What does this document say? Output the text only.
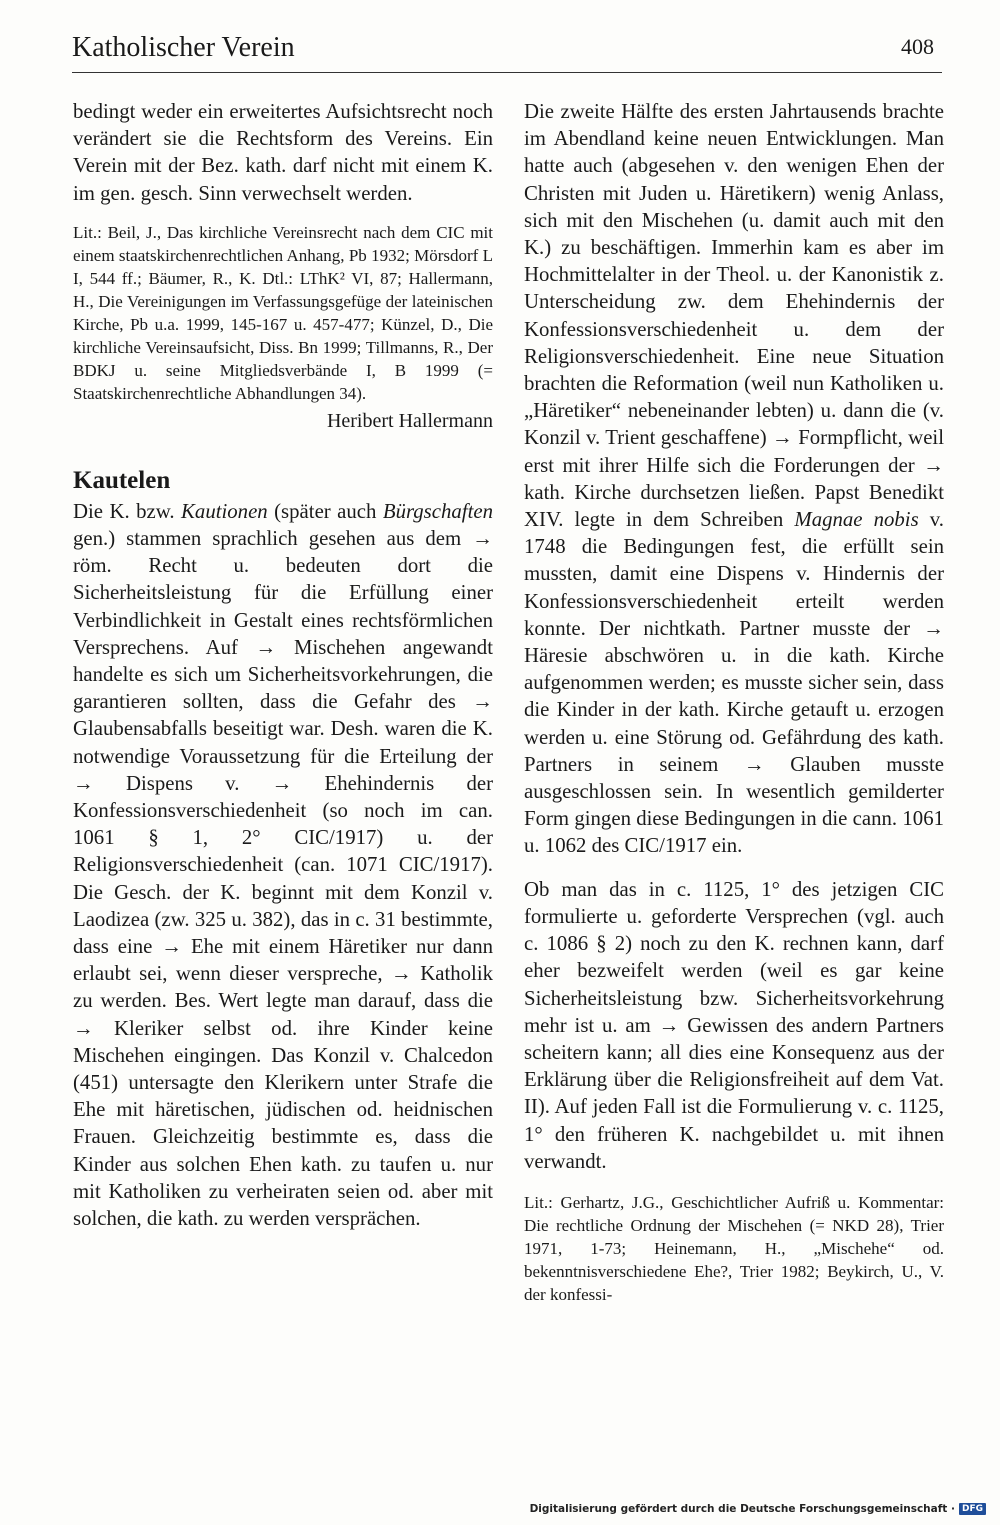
Katholischer Verein	408

bedingt weder ein erweitertes Aufsichtsrecht noch verändert sie die Rechtsform des Vereins. Ein Verein mit der Bez. kath. darf nicht mit einem K. im gen. gesch. Sinn verwechselt werden.

Lit.: Beil, J., Das kirchliche Vereinsrecht nach dem CIC mit einem staatskirchenrechtlichen Anhang, Pb 1932; Mörsdorf L I, 544 ff.; Bäumer, R., K. Dtl.: LThK² VI, 87; Hallermann, H., Die Vereinigungen im Verfassungsgefüge der lateinischen Kirche, Pb u.a. 1999, 145-167 u. 457-477; Künzel, D., Die kirchliche Vereinsaufsicht, Diss. Bn 1999; Tillmanns, R., Der BDKJ u. seine Mitgliedsverbände I, B 1999 (= Staatskirchenrechtliche Abhandlungen 34).

Heribert Hallermann
Kautelen

Die K. bzw. Kautionen (später auch Bürgschaften gen.) stammen sprachlich gesehen aus dem → röm. Recht u. bedeuten dort die Sicherheitsleistung für die Erfüllung einer Verbindlichkeit in Gestalt eines rechtsförmlichen Versprechens. Auf → Mischehen angewandt handelte es sich um Sicherheitsvorkehrungen, die garantieren sollten, dass die Gefahr des → Glaubensabfalls beseitigt war. Desh. waren die K. notwendige Voraussetzung für die Erteilung der → Dispens v. → Ehehindernis der Konfessionsverschiedenheit (so noch im can. 1061 § 1, 2° CIC/1917) u. der Religionsverschiedenheit (can. 1071 CIC/1917). Die Gesch. der K. beginnt mit dem Konzil v. Laodizea (zw. 325 u. 382), das in c. 31 bestimmte, dass eine → Ehe mit einem Häretiker nur dann erlaubt sei, wenn dieser verspreche, → Katholik zu werden. Bes. Wert legte man darauf, dass die → Kleriker selbst od. ihre Kinder keine Mischehen eingingen. Das Konzil v. Chalcedon (451) untersagte den Klerikern unter Strafe die Ehe mit häretischen, jüdischen od. heidnischen Frauen. Gleichzeitig bestimmte es, dass die Kinder aus solchen Ehen kath. zu taufen u. nur mit Katholiken zu verheiraten seien od. aber mit solchen, die kath. zu werden versprächen.

Die zweite Hälfte des ersten Jahrtausends brachte im Abendland keine neuen Entwicklungen. Man hatte auch (abgesehen v. den wenigen Ehen der Christen mit Juden u. Häretikern) wenig Anlass, sich mit den Mischehen (u. damit auch mit den K.) zu beschäftigen. Immerhin kam es aber im Hochmittelalter in der Theol. u. der Kanonistik z. Unterscheidung zw. dem Ehehindernis der Konfessionsverschiedenheit u. dem der Religionsverschiedenheit. Eine neue Situation brachten die Reformation (weil nun Katholiken u. „Häretiker“ nebeneinander lebten) u. dann die (v. Konzil v. Trient geschaffene) → Formpflicht, weil erst mit ihrer Hilfe sich die Forderungen der → kath. Kirche durchsetzen ließen. Papst Benedikt XIV. legte in dem Schreiben Magnae nobis v. 1748 die Bedingungen fest, die erfüllt sein mussten, damit eine Dispens v. Hindernis der Konfessionsverschiedenheit erteilt werden konnte. Der nichtkath. Partner musste der → Häresie abschwören u. in die kath. Kirche aufgenommen werden; es musste sicher sein, dass die Kinder in der kath. Kirche getauft u. erzogen werden u. eine Störung od. Gefährdung des kath. Partners in seinem → Glauben musste ausgeschlossen sein. In wesentlich gemilderter Form gingen diese Bedingungen in die cann. 1061 u. 1062 des CIC/1917 ein.

Ob man das in c. 1125, 1° des jetzigen CIC formulierte u. geforderte Versprechen (vgl. auch c. 1086 § 2) noch zu den K. rechnen kann, darf eher bezweifelt werden (weil es gar keine Sicherheitsleistung bzw. Sicherheitsvorkehrung mehr ist u. am → Gewissen des andern Partners scheitern kann; all dies eine Konsequenz aus der Erklärung über die Religionsfreiheit auf dem Vat. II). Auf jeden Fall ist die Formulierung v. c. 1125, 1° den früheren K. nachgebildet u. mit ihnen verwandt.

Lit.: Gerhartz, J.G., Geschichtlicher Aufriß u. Kommentar: Die rechtliche Ordnung der Mischehen (= NKD 28), Trier 1971, 1-73; Heinemann, H., „Mischehe“ od. bekenntnisverschiedene Ehe?, Trier 1982; Beykirch, U., V. der konfessi-

Digitalisierung gefördert durch die Deutsche Forschungsgemeinschaft · DFG
